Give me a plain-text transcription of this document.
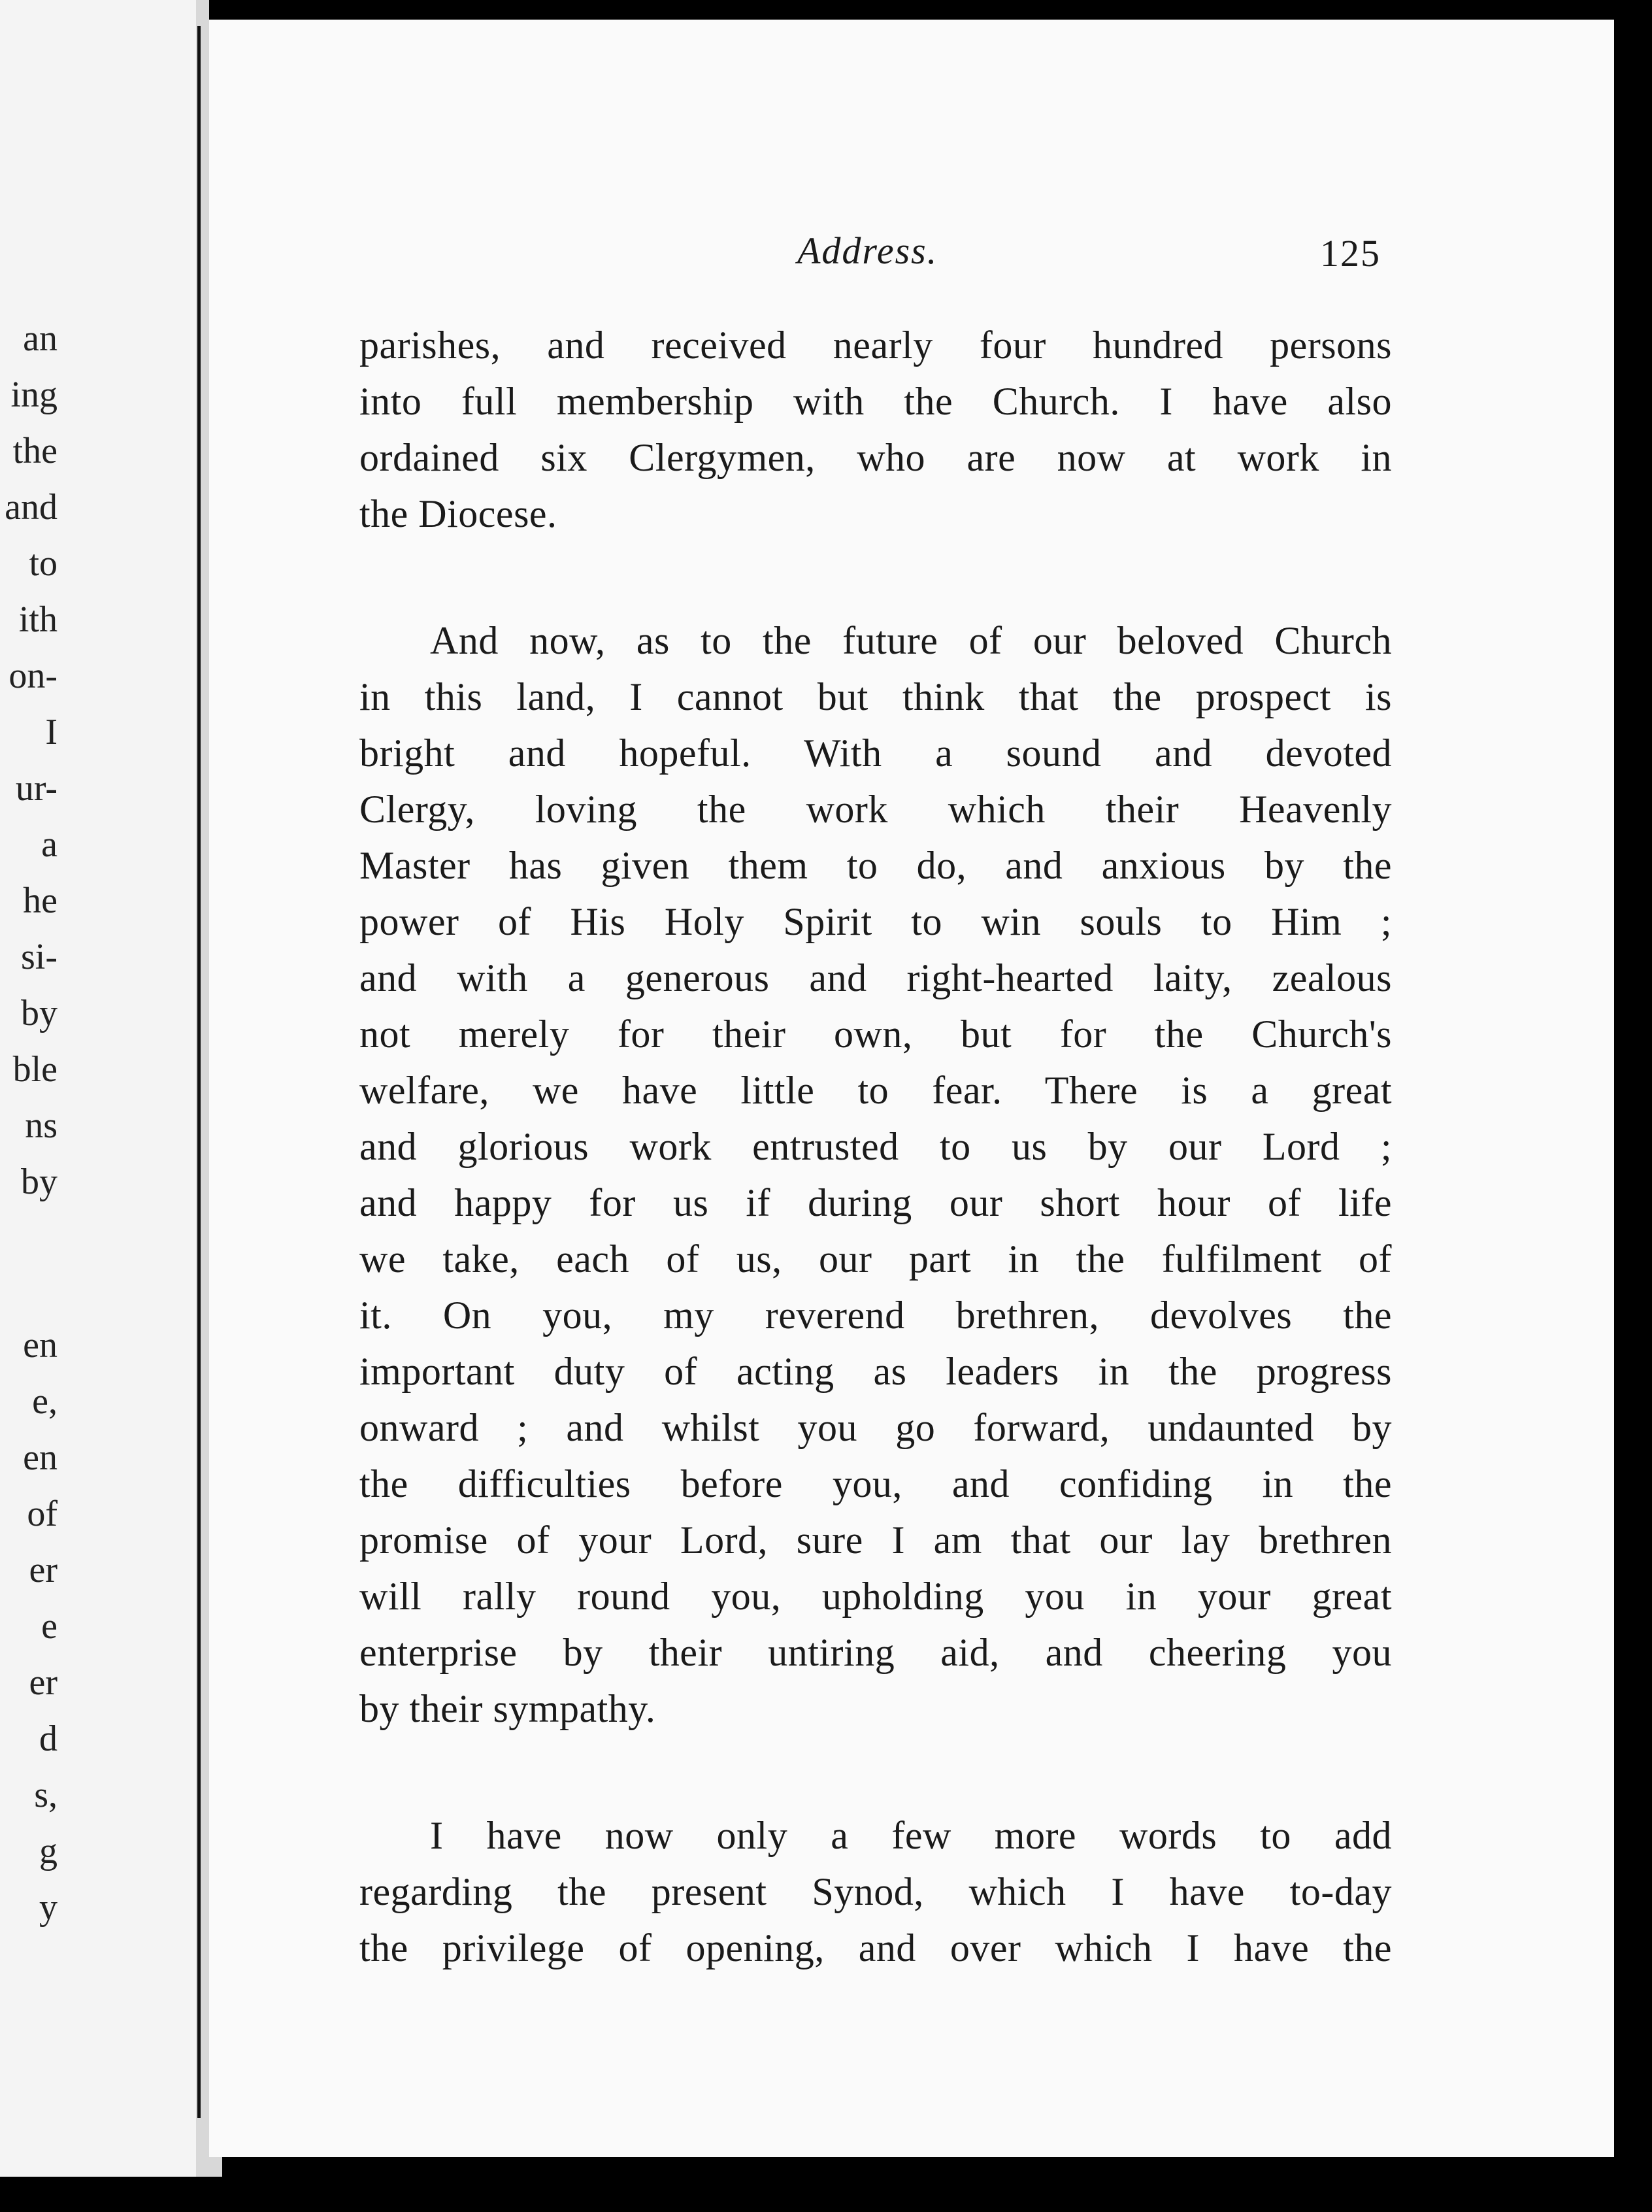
an
ing
the
and
to
ith
on-
I
ur-
a
he
si-
by
ble
ns
by
en
e,
en
of
er
e
er
d
s,
g
y
Address.	125
parishes, and received nearly four hundred persons
into full membership with the Church. I have also
ordained six Clergymen, who are now at work in
the Diocese.
And now, as to the future of our beloved Church
in this land, I cannot but think that the prospect is
bright and hopeful. With a sound and devoted
Clergy, loving the work which their Heavenly
Master has given them to do, and anxious by the
power of His Holy Spirit to win souls to Him ;
and with a generous and right-hearted laity, zealous
not merely for their own, but for the Church's
welfare, we have little to fear. There is a great
and glorious work entrusted to us by our Lord ;
and happy for us if during our short hour of life
we take, each of us, our part in the fulfilment of
it. On you, my reverend brethren, devolves the
important duty of acting as leaders in the progress
onward ; and whilst you go forward, undaunted by
the difficulties before you, and confiding in the
promise of your Lord, sure I am that our lay brethren
will rally round you, upholding you in your great
enterprise by their untiring aid, and cheering you
by their sympathy.
I have now only a few more words to add
regarding the present Synod, which I have to-day
the privilege of opening, and over which I have the
